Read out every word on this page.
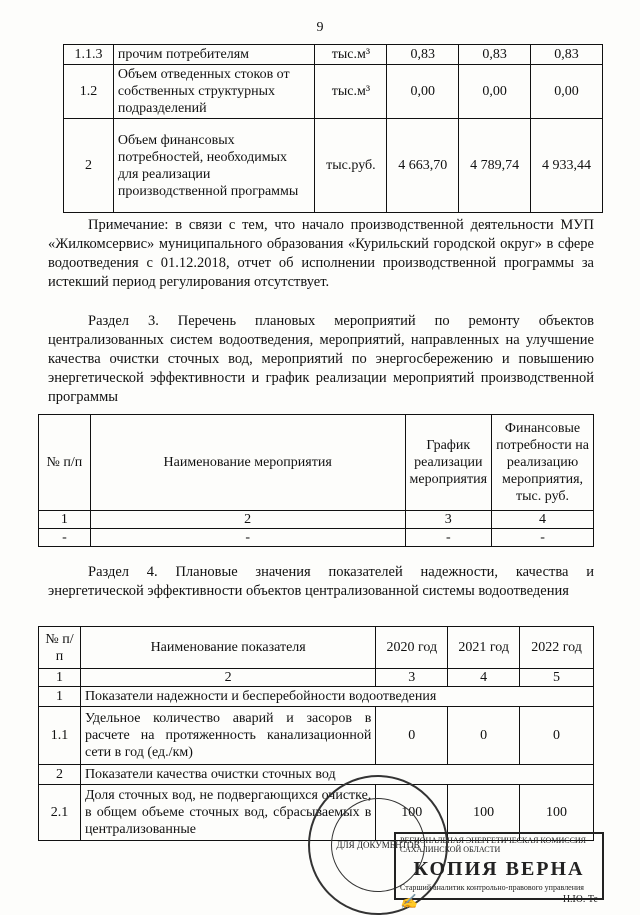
9
1.1.3	прочим потребителям	тыс.м³	0,83	0,83	0,83
1.2	Объем отведенных стоков от собственных структурных подразделений	тыс.м³	0,00	0,00	0,00
2	Объем финансовых потребностей, необходимых для реализации производственной программы	тыс.руб.	4 663,70	4 789,74	4 933,44

Примечание: в связи с тем, что начало производственной деятельности МУП «Жилкомсервис» муниципального образования «Курильский городской округ» в сфере водоотведения с 01.12.2018, отчет об исполнении производственной программы за истекший период регулирования отсутствует.

Раздел 3. Перечень плановых мероприятий по ремонту объектов централизованных систем водоотведения, мероприятий, направленных на улучшение качества очистки сточных вод, мероприятий по энергосбережению и повышению энергетической эффективности и график реализации мероприятий производственной программы

№ п/п	Наименование мероприятия	График реализации мероприятия	Финансовые потребности на реализацию мероприятия, тыс. руб.
1	2	3	4
-	-	-	-

Раздел 4. Плановые значения показателей надежности, качества и энергетической эффективности объектов централизованной системы водоотведения

№ п/п	Наименование показателя	2020 год	2021 год	2022 год
1	2	3	4	5
1	Показатели надежности и бесперебойности водоотведения			
1.1	Удельное количество аварий и засоров в расчете на протяженность канализационной сети в год (ед./км)	0	0	0
2	Показатели качества очистки сточных вод			
2.1	Доля сточных вод, не подвергающихся очистке, в общем объеме сточных вод, сбрасываемых в централизованные	100	100	100
ДЛЯ ДОКУМЕНТОВ
РЕГИОНАЛЬНАЯ ЭНЕРГЕТИЧЕСКАЯ КОМИССИЯ САХАЛИНСКОЙ ОБЛАСТИ
КОПИЯ ВЕРНА
Старший аналитик контрольно-правового управления
✍	Н.Ю. Те
